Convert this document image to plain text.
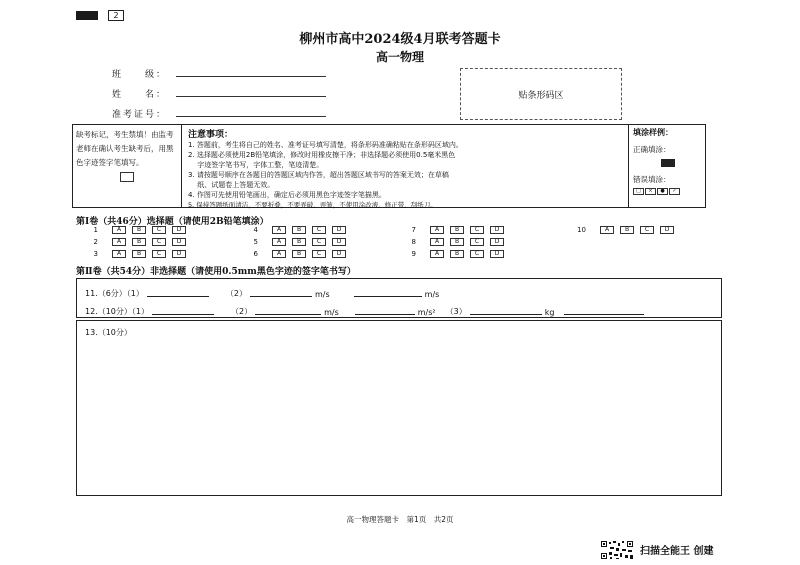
2
柳州市高中2024级4月联考答题卡
高一物理
班　　级：
姓　　名：
准考证号：
贴条形码区
缺考标记，考生禁填！由监考老师在确认考生缺考后，用黑色字迹签字笔填写。
注意事项：
1. 答题前，考生将自己的姓名、准考证号填写清楚，将条形码准确粘贴在条形码区域内。
2. 选择题必须使用2B铅笔填涂，修改时用橡皮擦干净；非选择题必须使用0.5毫米黑色
　 字迹签字笔书写，字体工整，笔迹清楚。
3. 请按题号顺序在各题目的答题区域内作答，超出答题区域书写的答案无效；在草稿
　 纸、试题卷上答题无效。
4. 作图可先使用铅笔画出，确定后必须用黑色字迹签字笔描黑。
5. 保持答题纸面清洁，不要折叠，不要弄破、弄皱，不使用涂改液、修正带、刮纸刀。
填涂样例：
正确填涂：
错误填涂：
□	×	●	✓
第Ⅰ卷（共46分）选择题（请使用2B铅笔填涂）
1	A	B	C	D
2	A	B	C	D
3	A	B	C	D
4	A	B	C	D
5	A	B	C	D
6	A	B	C	D
7	A	B	C	D
8	A	B	C	D
9	A	B	C	D
10	A	B	C	D
第Ⅱ卷（共54分）非选择题（请使用0.5mm黑色字迹的签字笔书写）
11.（6分）（1）	（2）	m/s	m/s
12.（10分）（1）	（2）	m/s	m/s² （3）	kg
13.（10分）
高一物理答题卡　第1页　共2页
扫描全能王 创建
